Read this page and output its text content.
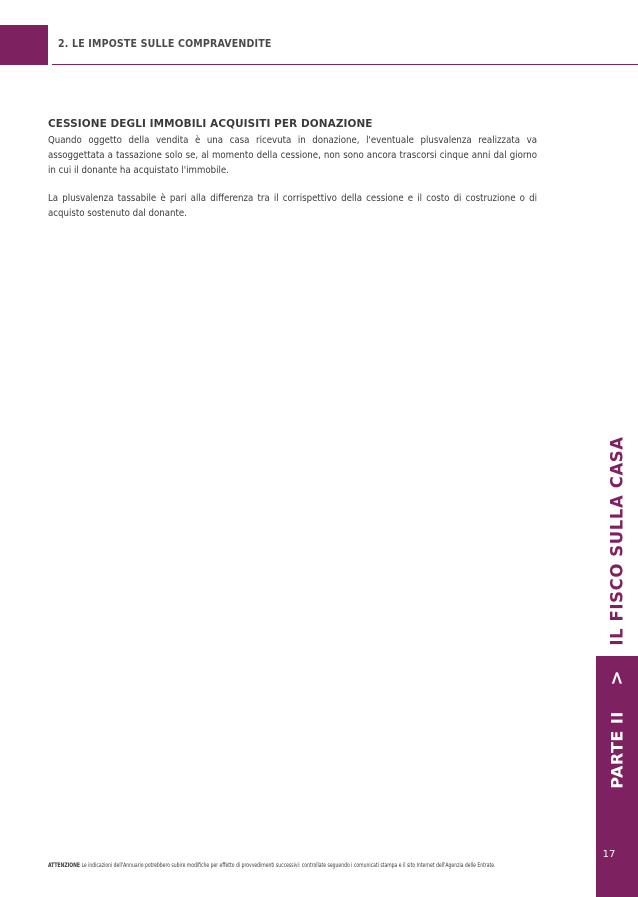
2. LE IMPOSTE SULLE COMPRAVENDITE
CESSIONE DEGLI IMMOBILI ACQUISITI PER DONAZIONE

Quando oggetto della vendita è una casa ricevuta in donazione, l'eventuale plusvalenza realizzata va assoggettata a tassazione solo se, al momento della cessione, non sono ancora trascorsi cinque anni dal giorno in cui il donante ha acquistato l'immobile.

La plusvalenza tassabile è pari alla differenza tra il corrispettivo della cessione e il costo di costruzione o di acquisto sostenuto dal donante.

PARTE II
>
IL FISCO SULLA CASA
17
ATTENZIONE Le indicazioni dell'Annuario potrebbero subire modifiche per effetto di provvedimenti successivi: controllate seguendo i comunicati stampa e il sito Internet dell'Agenzia delle Entrate.
